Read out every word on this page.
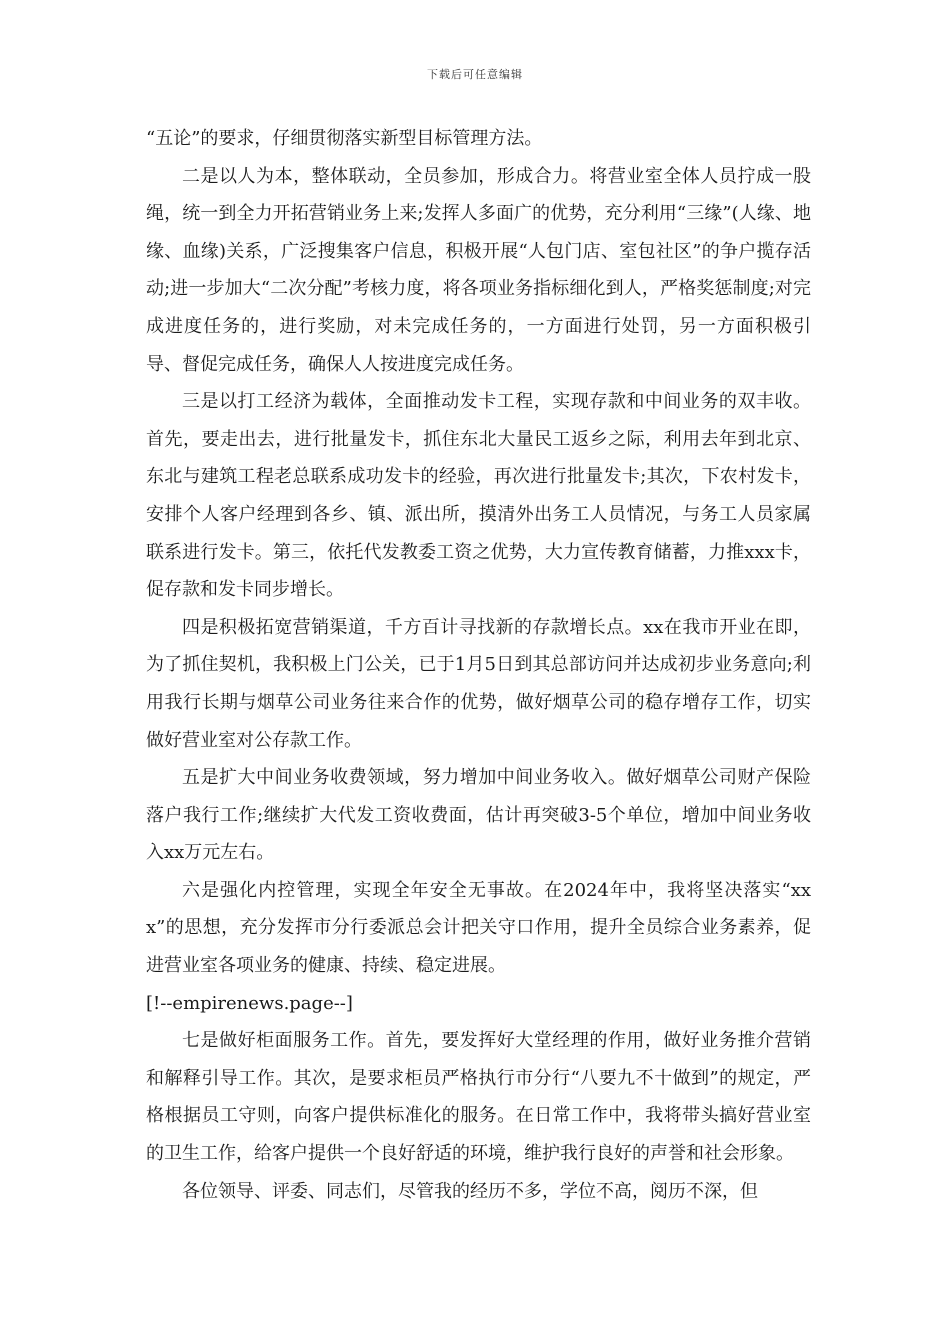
下载后可任意编辑

“五论”的要求，仔细贯彻落实新型目标管理方法。

二是以人为本，整体联动，全员参加，形成合力。将营业室全体人员拧成一股绳，统一到全力开拓营销业务上来;发挥人多面广的优势，充分利用“三缘”(人缘、地缘、血缘)关系，广泛搜集客户信息，积极开展“人包门店、室包社区”的争户揽存活动;进一步加大“二次分配”考核力度，将各项业务指标细化到人，严格奖惩制度;对完成进度任务的，进行奖励，对未完成任务的，一方面进行处罚，另一方面积极引导、督促完成任务，确保人人按进度完成任务。

三是以打工经济为载体，全面推动发卡工程，实现存款和中间业务的双丰收。首先，要走出去，进行批量发卡，抓住东北大量民工返乡之际，利用去年到北京、东北与建筑工程老总联系成功发卡的经验，再次进行批量发卡;其次，下农村发卡，安排个人客户经理到各乡、镇、派出所，摸清外出务工人员情况，与务工人员家属联系进行发卡。第三，依托代发教委工资之优势，大力宣传教育储蓄，力推xxx卡，促存款和发卡同步增长。

四是积极拓宽营销渠道，千方百计寻找新的存款增长点。xx在我市开业在即，为了抓住契机，我积极上门公关，已于1月5日到其总部访问并达成初步业务意向;利用我行长期与烟草公司业务往来合作的优势，做好烟草公司的稳存增存工作，切实做好营业室对公存款工作。

五是扩大中间业务收费领域，努力增加中间业务收入。做好烟草公司财产保险落户我行工作;继续扩大代发工资收费面，估计再突破3-5个单位，增加中间业务收入xx万元左右。

六是强化内控管理，实现全年安全无事故。在2024年中，我将坚决落实“xxx”的思想，充分发挥市分行委派总会计把关守口作用，提升全员综合业务素养，促进营业室各项业务的健康、持续、稳定进展。

[!--empirenews.page--]

七是做好柜面服务工作。首先，要发挥好大堂经理的作用，做好业务推介营销和解释引导工作。其次，是要求柜员严格执行市分行“八要九不十做到”的规定，严格根据员工守则，向客户提供标准化的服务。在日常工作中，我将带头搞好营业室的卫生工作，给客户提供一个良好舒适的环境，维护我行良好的声誉和社会形象。

各位领导、评委、同志们，尽管我的经历不多，学位不高，阅历不深，但
